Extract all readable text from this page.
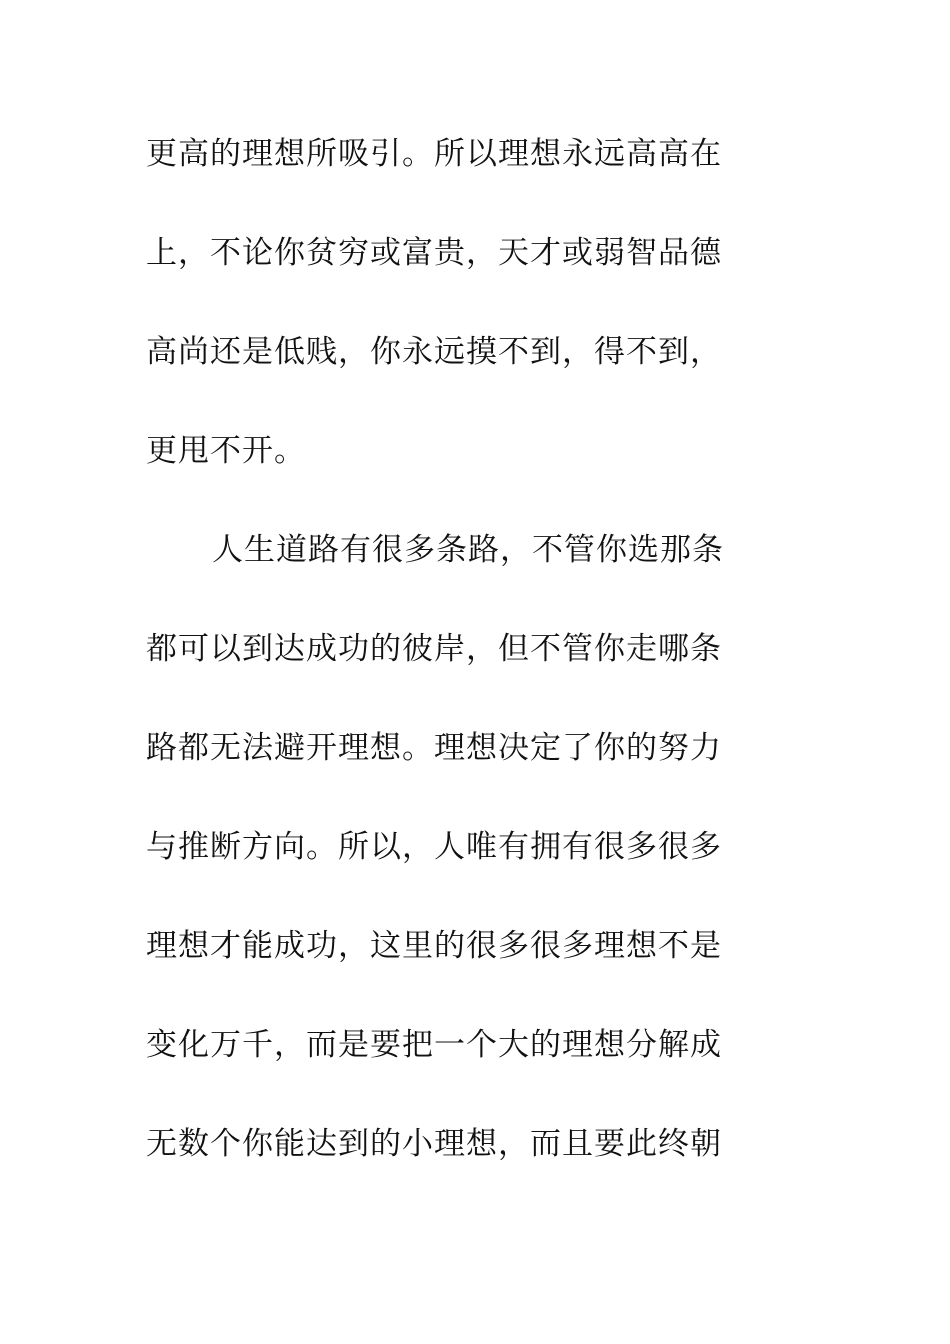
更高的理想所吸引。所以理想永远高高在
上，不论你贫穷或富贵，天才或弱智品德
高尚还是低贱，你永远摸不到，得不到，
更甩不开。
人生道路有很多条路，不管你选那条
都可以到达成功的彼岸，但不管你走哪条
路都无法避开理想。理想决定了你的努力
与推断方向。所以，人唯有拥有很多很多
理想才能成功，这里的很多很多理想不是
变化万千，而是要把一个大的理想分解成
无数个你能达到的小理想，而且要此终朝
